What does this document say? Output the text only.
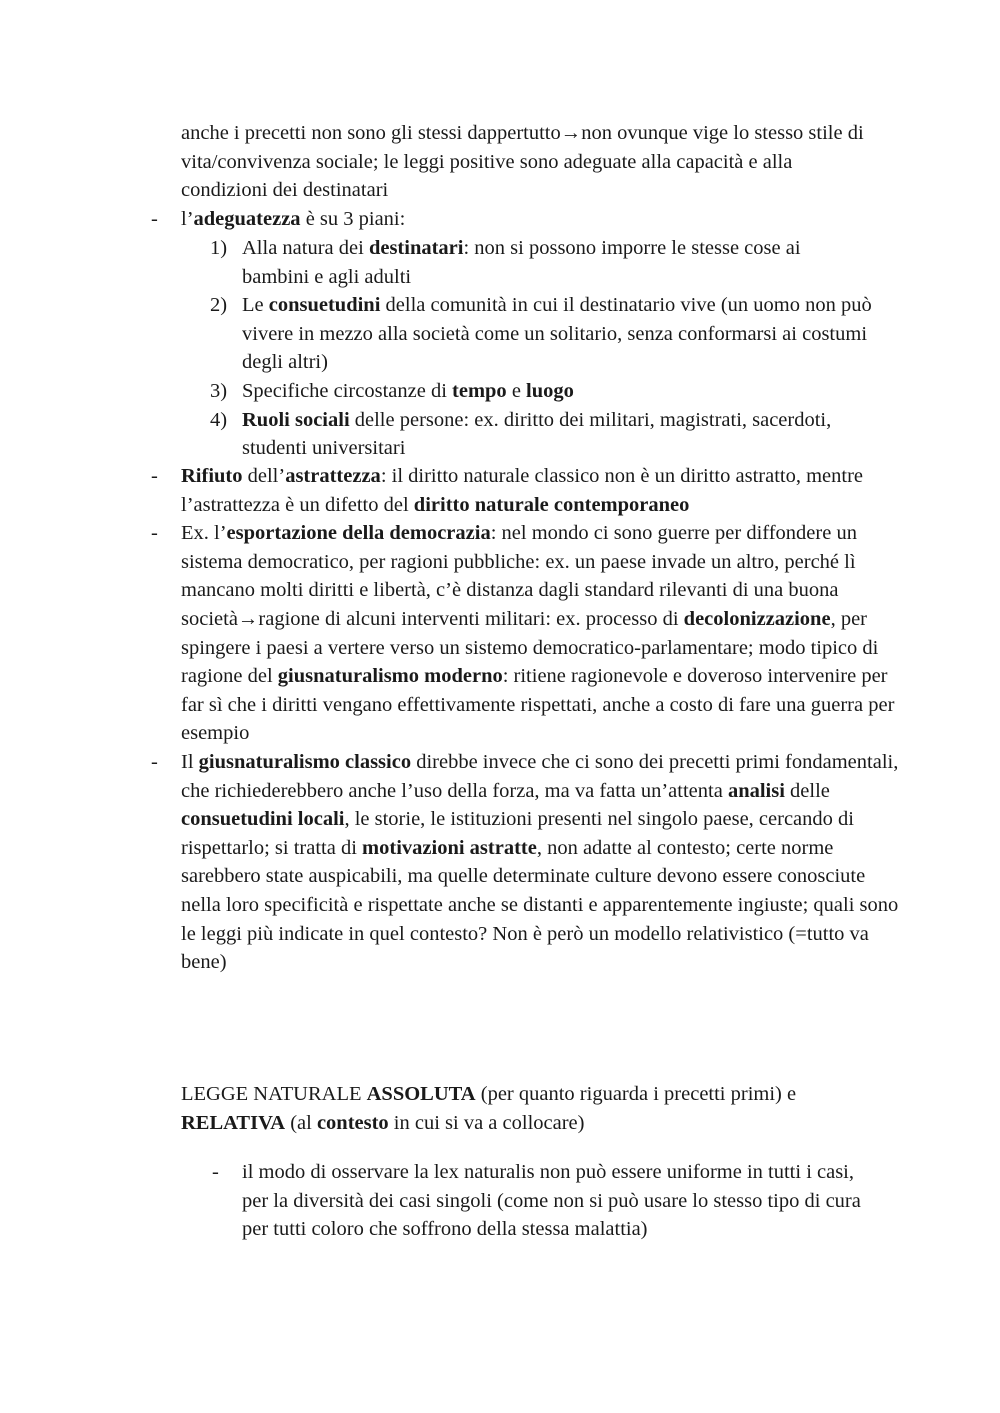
anche i precetti non sono gli stessi dappertutto→non ovunque vige lo stesso stile di vita/convivenza sociale; le leggi positive sono adeguate alla capacità e alla condizioni dei destinatari

- l’adeguatezza è su 3 piani:

1) Alla natura dei destinatari: non si possono imporre le stesse cose ai bambini e agli adulti

2) Le consuetudini della comunità in cui il destinatario vive (un uomo non può vivere in mezzo alla società come un solitario, senza conformarsi ai costumi degli altri)

3) Specifiche circostanze di tempo e luogo

4) Ruoli sociali delle persone: ex. diritto dei militari, magistrati, sacerdoti, studenti universitari

- Rifiuto dell’astrattezza: il diritto naturale classico non è un diritto astratto, mentre l’astrattezza è un difetto del diritto naturale contemporaneo

- Ex. l’esportazione della democrazia: nel mondo ci sono guerre per diffondere un sistema democratico, per ragioni pubbliche: ex. un paese invade un altro, perché lì mancano molti diritti e libertà, c’è distanza dagli standard rilevanti di una buona società→ragione di alcuni interventi militari: ex. processo di decolonizzazione, per spingere i paesi a vertere verso un sistemo democratico-parlamentare; modo tipico di ragione del giusnaturalismo moderno: ritiene ragionevole e doveroso intervenire per far sì che i diritti vengano effettivamente rispettati, anche a costo di fare una guerra per esempio

- Il giusnaturalismo classico direbbe invece che ci sono dei precetti primi fondamentali, che richiederebbero anche l’uso della forza, ma va fatta un’attenta analisi delle consuetudini locali, le storie, le istituzioni presenti nel singolo paese, cercando di rispettarlo; si tratta di motivazioni astratte, non adatte al contesto; certe norme sarebbero state auspicabili, ma quelle determinate culture devono essere conosciute nella loro specificità e rispettate anche se distanti e apparentemente ingiuste; quali sono le leggi più indicate in quel contesto? Non è però un modello relativistico (=tutto va bene)

LEGGE NATURALE ASSOLUTA (per quanto riguarda i precetti primi) e RELATIVA (al contesto in cui si va a collocare)

- il modo di osservare la lex naturalis non può essere uniforme in tutti i casi, per la diversità dei casi singoli (come non si può usare lo stesso tipo di cura per tutti coloro che soffrono della stessa malattia)
